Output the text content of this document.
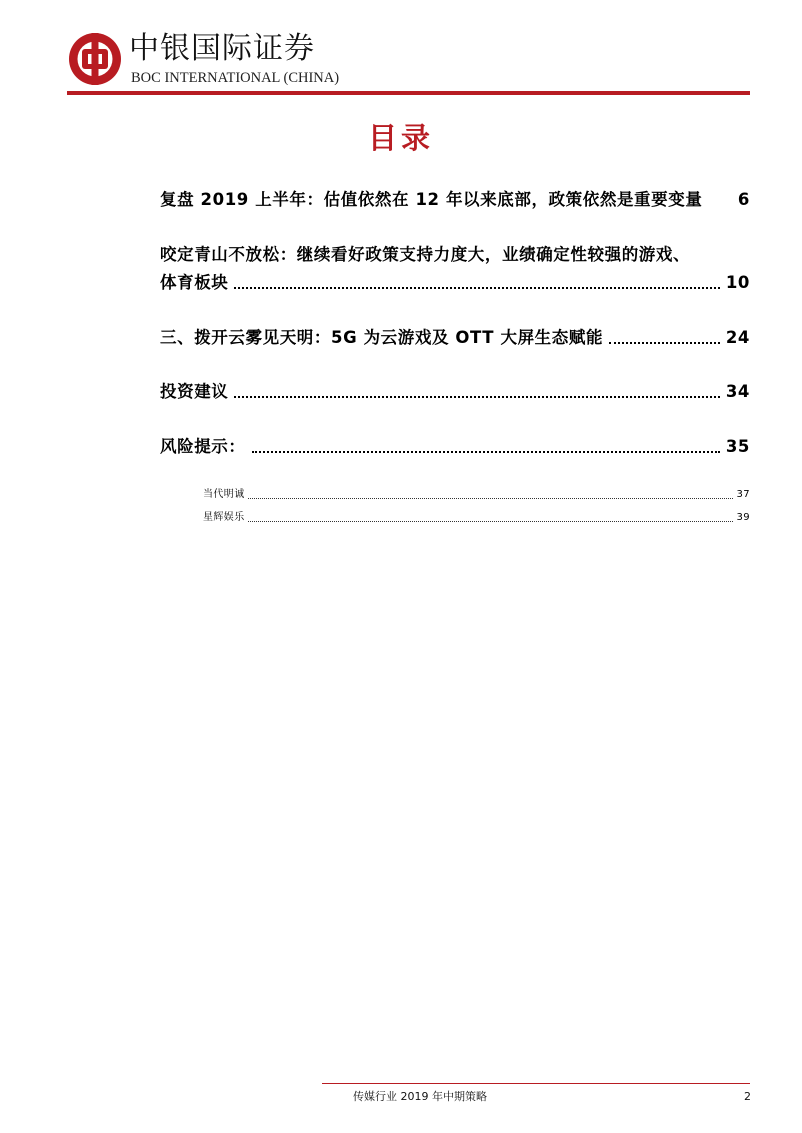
中银国际证券
BOC INTERNATIONAL (CHINA)
目录
复盘 2019 上半年：估值依然在 12 年以来底部，政策依然是重要变量 6
咬定青山不放松：继续看好政策支持力度大，业绩确定性较强的游戏、
体育板块	10
三、拨开云雾见天明：5G 为云游戏及 OTT 大屏生态赋能	24
投资建议	34
风险提示：	35
当代明诚	37
星辉娱乐	39
传媒行业 2019 年中期策略	2
